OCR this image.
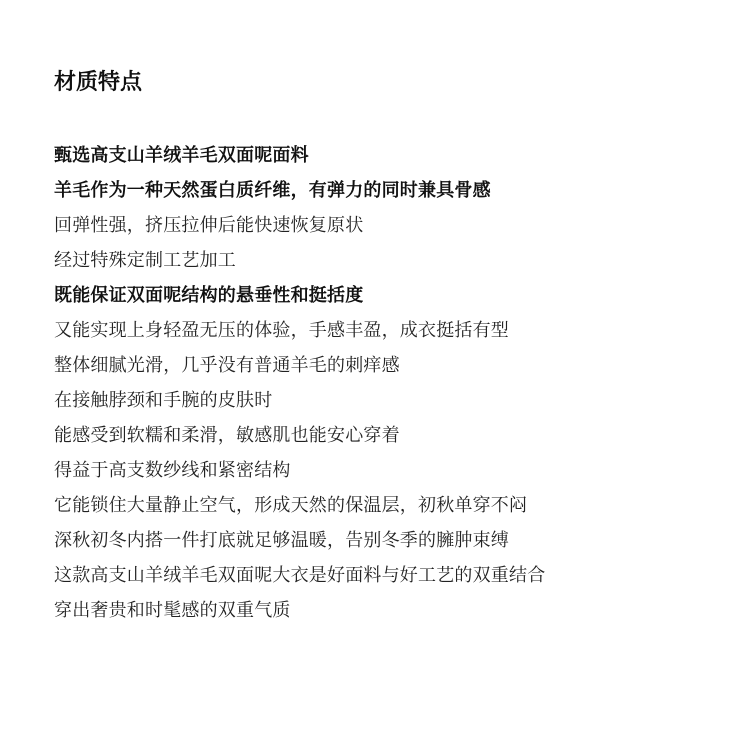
材质特点
甄选高支山羊绒羊毛双面呢面料
羊毛作为一种天然蛋白质纤维，有弹力的同时兼具骨感
回弹性强，挤压拉伸后能快速恢复原状
经过特殊定制工艺加工
既能保证双面呢结构的悬垂性和挺括度
又能实现上身轻盈无压的体验，手感丰盈，成衣挺括有型
整体细腻光滑，几乎没有普通羊毛的刺痒感
在接触脖颈和手腕的皮肤时
能感受到软糯和柔滑，敏感肌也能安心穿着
得益于高支数纱线和紧密结构
它能锁住大量静止空气，形成天然的保温层，初秋单穿不闷
深秋初冬内搭一件打底就足够温暖，告别冬季的臃肿束缚
这款高支山羊绒羊毛双面呢大衣是好面料与好工艺的双重结合
穿出奢贵和时髦感的双重气质
